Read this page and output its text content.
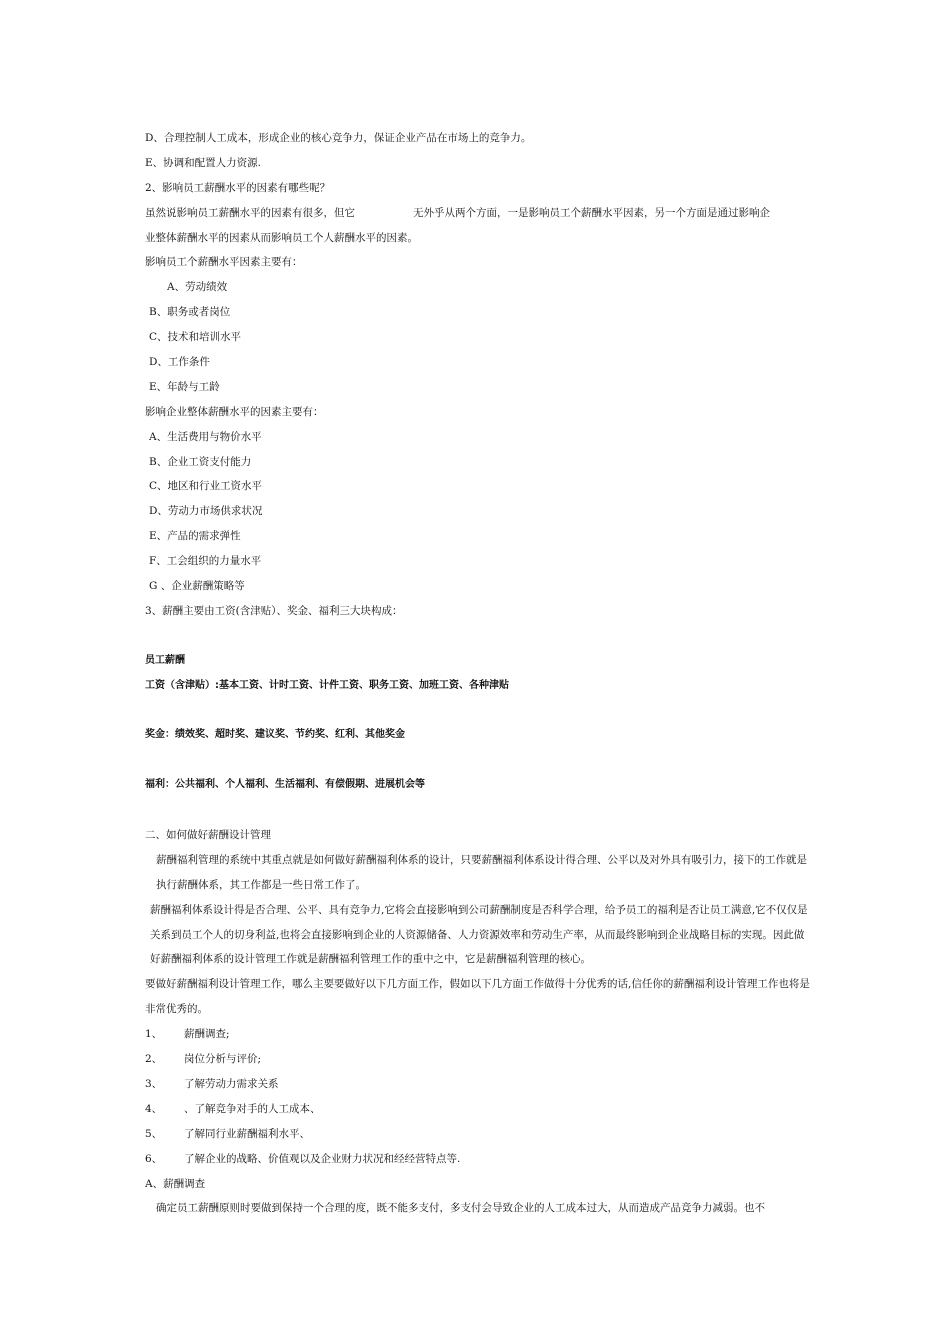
D、合理控制人工成本，形成企业的核心竞争力，保证企业产品在市场上的竞争力。
E、协调和配置人力资源.
2、影响员工薪酬水平的因素有哪些呢？
虽然说影响员工薪酬水平的因素有很多，但它	无外乎从两个方面，一是影响员工个薪酬水平因素，另一个方面是通过影响企
业整体薪酬水平的因素从而影响员工个人薪酬水平的因素。
影响员工个薪酬水平因素主要有：
A、劳动绩效
B、职务或者岗位
C、技术和培训水平
D、工作条件
E、年龄与工龄
影响企业整体薪酬水平的因素主要有：
A、生活费用与物价水平
B、企业工资支付能力
C、地区和行业工资水平
D、劳动力市场供求状况
E、产品的需求弹性
F、工会组织的力量水平
G 、企业薪酬策略等
3、薪酬主要由工资(含津贴）、奖金、福利三大块构成：
员工薪酬
工资（含津贴）:基本工资、计时工资、计件工资、职务工资、加班工资、各种津贴
奖金：绩效奖、超时奖、建议奖、节约奖、红利、其他奖金
福利：公共福利、个人福利、生活福利、有偿假期、进展机会等
二、如何做好薪酬设计管理
薪酬福利管理的系统中其重点就是如何做好薪酬福利体系的设计，只要薪酬福利体系设计得合理、公平以及对外具有吸引力，接下的工作就是执行薪酬体系，其工作都是一些日常工作了。
薪酬福利体系设计得是否合理、公平、具有竞争力,它将会直接影响到公司薪酬制度是否科学合理，给予员工的福利是否让员工满意,它不仅仅是关系到员工个人的切身利益,也将会直接影响到企业的人资源储备、人力资源效率和劳动生产率，从而最终影响到企业战略目标的实现。因此做好薪酬福利体系的设计管理工作就是薪酬福利管理工作的重中之中，它是薪酬福利管理的核心。
要做好薪酬福利设计管理工作，哪么主要要做好以下几方面工作，假如以下几方面工作做得十分优秀的话,信任你的薪酬福利设计管理工作也将是非常优秀的。
1、 薪酬调查;
2、 岗位分析与评价;
3、 了解劳动力需求关系
4、 、了解竞争对手的人工成本、
5、 了解同行业薪酬福利水平、
6、 了解企业的战略、价值观以及企业财力状况和经经营特点等.
A、薪酬调查
确定员工薪酬原则时要做到保持一个合理的度，既不能多支付，多支付会导致企业的人工成本过大，从而造成产品竞争力减弱。也不
